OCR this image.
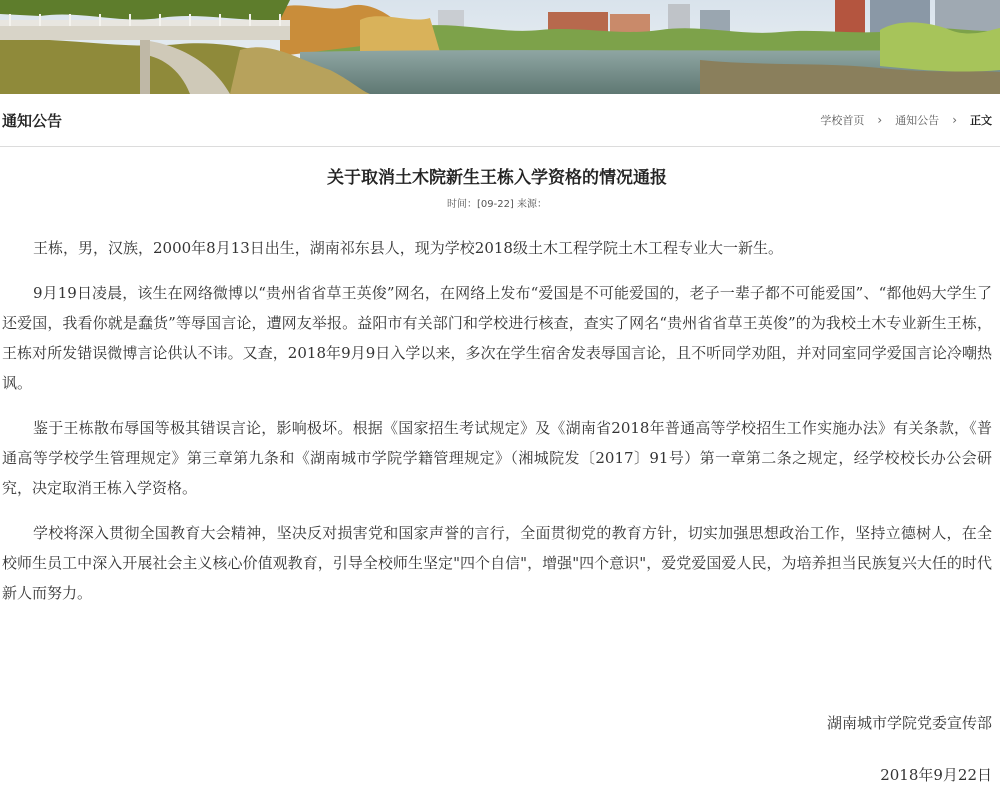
通知公告	学校首页 › 通知公告 › 正文
关于取消土木院新生王栋入学资格的情况通报
时间：[09-22] 来源：

王栋，男，汉族，2000年8月13日出生，湖南祁东县人，现为学校2018级土木工程学院土木工程专业大一新生。

9月19日凌晨，该生在网络微博以“贵州省省草王英俊”网名，在网络上发布“爱国是不可能爱国的，老子一辈子都不可能爱国”、“都他妈大学生了还爱国，我看你就是蠢货”等辱国言论，遭网友举报。益阳市有关部门和学校进行核查，查实了网名“贵州省省草王英俊”的为我校土木专业新生王栋，王栋对所发错误微博言论供认不讳。又查，2018年9月9日入学以来，多次在学生宿舍发表辱国言论，且不听同学劝阻，并对同室同学爱国言论冷嘲热讽。

鉴于王栋散布辱国等极其错误言论，影响极坏。根据《国家招生考试规定》及《湖南省2018年普通高等学校招生工作实施办法》有关条款，《普通高等学校学生管理规定》第三章第九条和《湖南城市学院学籍管理规定》（湘城院发〔2017〕91号）第一章第二条之规定，经学校校长办公会研究，决定取消王栋入学资格。

学校将深入贯彻全国教育大会精神，坚决反对损害党和国家声誉的言行，全面贯彻党的教育方针，切实加强思想政治工作，坚持立德树人，在全校师生员工中深入开展社会主义核心价值观教育，引导全校师生坚定"四个自信"，增强"四个意识"，爱党爱国爱人民，为培养担当民族复兴大任的时代新人而努力。

湖南城市学院党委宣传部
2018年9月22日
